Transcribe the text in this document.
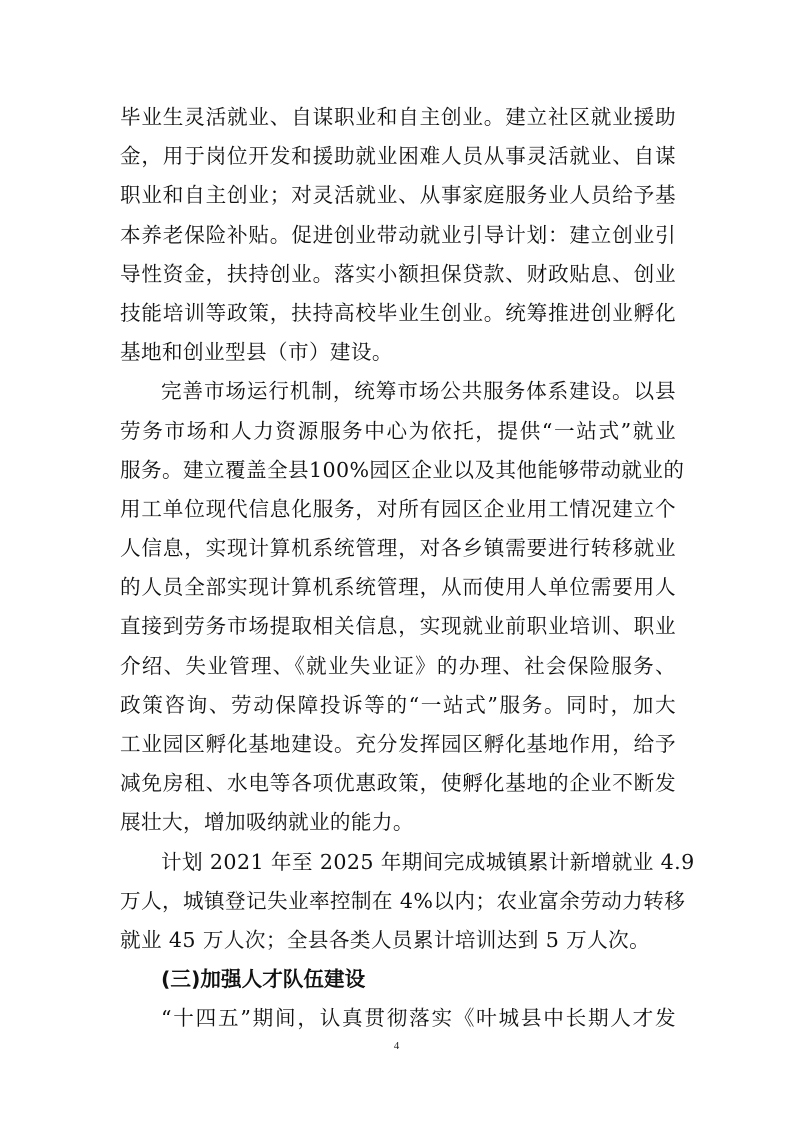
毕业生灵活就业、自谋职业和自主创业。建立社区就业援助
金，用于岗位开发和援助就业困难人员从事灵活就业、自谋
职业和自主创业；对灵活就业、从事家庭服务业人员给予基
本养老保险补贴。促进创业带动就业引导计划：建立创业引
导性资金，扶持创业。落实小额担保贷款、财政贴息、创业
技能培训等政策，扶持高校毕业生创业。统筹推进创业孵化
基地和创业型县（市）建设。
完善市场运行机制，统筹市场公共服务体系建设。以县
劳务市场和人力资源服务中心为依托，提供“一站式”就业
服务。建立覆盖全县100%园区企业以及其他能够带动就业的
用工单位现代信息化服务，对所有园区企业用工情况建立个
人信息，实现计算机系统管理，对各乡镇需要进行转移就业
的人员全部实现计算机系统管理，从而使用人单位需要用人
直接到劳务市场提取相关信息，实现就业前职业培训、职业
介绍、失业管理、《就业失业证》的办理、社会保险服务、
政策咨询、劳动保障投诉等的“一站式”服务。同时，加大
工业园区孵化基地建设。充分发挥园区孵化基地作用，给予
减免房租、水电等各项优惠政策，使孵化基地的企业不断发
展壮大，增加吸纳就业的能力。
计划 2021 年至 2025 年期间完成城镇累计新增就业 4.9
万人，城镇登记失业率控制在 4%以内；农业富余劳动力转移
就业 45 万人次；全县各类人员累计培训达到 5 万人次。
(三)加强人才队伍建设
“十四五”期间，认真贯彻落实《叶城县中长期人才发
4
